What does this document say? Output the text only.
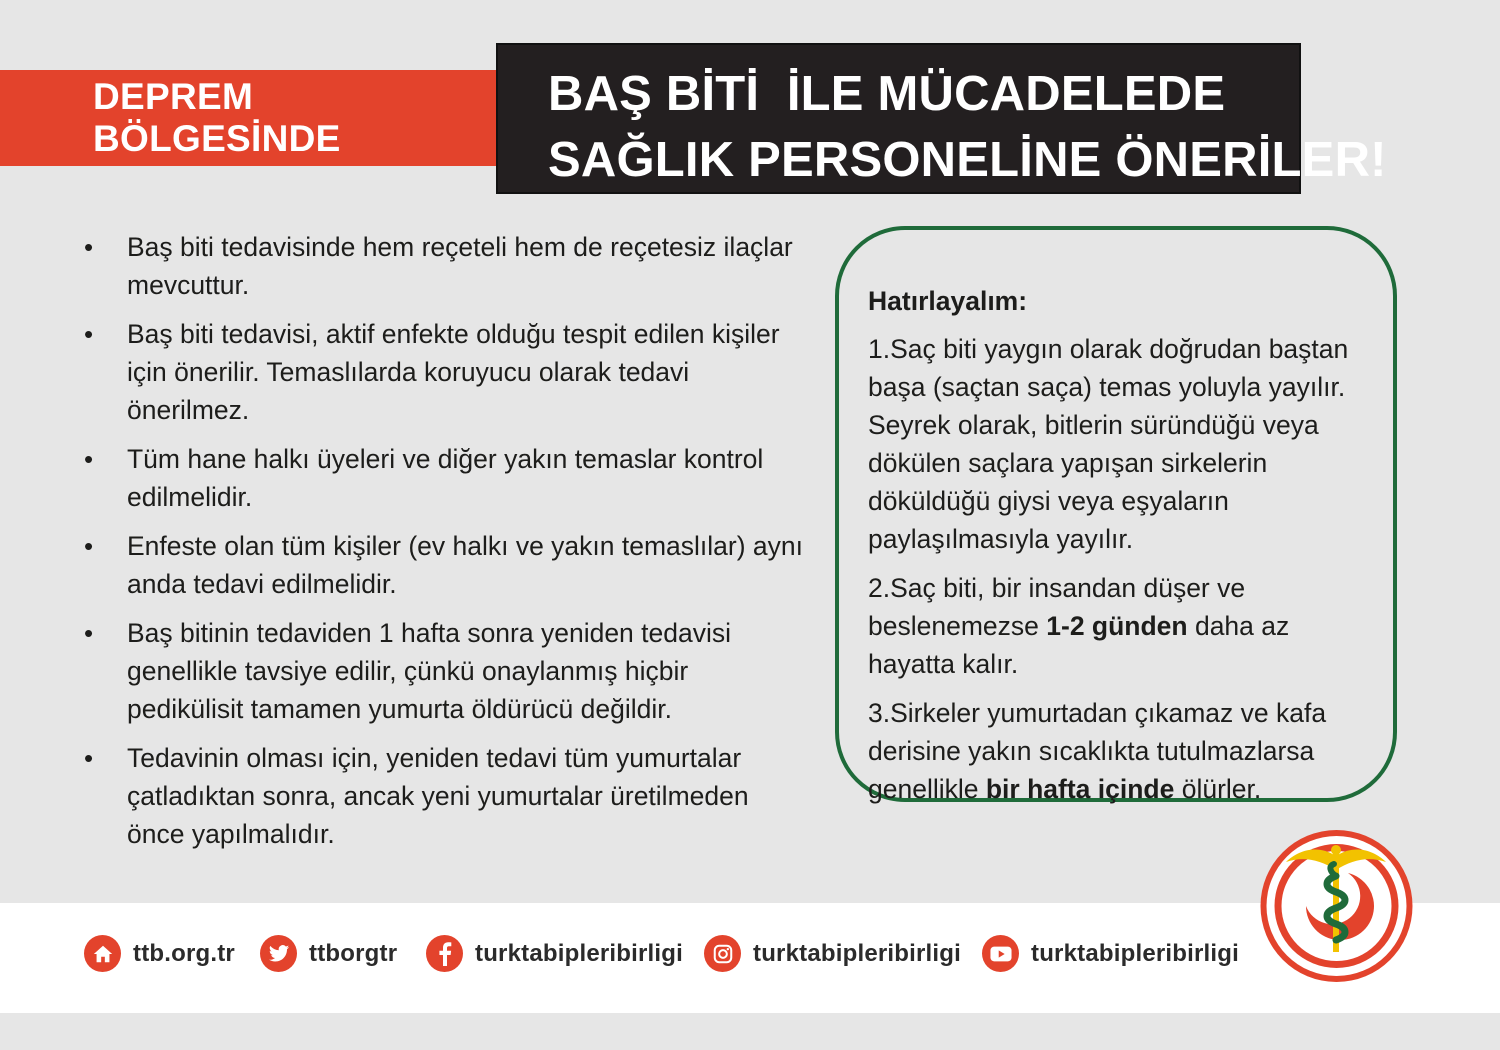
DEPREM BÖLGESİNDE
BAŞ BİTİ  İLE MÜCADELEDE
SAĞLIK PERSONELİNE ÖNERİLER!
• Baş biti tedavisinde hem reçeteli hem de reçetesiz ilaçlar mevcuttur.
• Baş biti tedavisi, aktif enfekte olduğu tespit edilen kişiler için önerilir. Temaslılarda koruyucu olarak tedavi önerilmez.
• Tüm hane halkı üyeleri ve diğer yakın temaslar kontrol edilmelidir.
• Enfeste olan tüm kişiler (ev halkı ve yakın temaslılar) aynı anda tedavi edilmelidir.
• Baş bitinin tedaviden 1 hafta sonra yeniden tedavisi genellikle tavsiye edilir, çünkü onaylanmış hiçbir pedikülisit tamamen yumurta öldürücü değildir.
• Tedavinin olması için, yeniden tedavi tüm yumurtalar çatladıktan sonra, ancak yeni yumurtalar üretilmeden önce yapılmalıdır.
Hatırlayalım:

1.Saç biti yaygın olarak doğrudan baştan başa (saçtan saça) temas yoluyla yayılır. Seyrek olarak, bitlerin süründüğü veya dökülen saçlara yapışan sirkelerin döküldüğü giysi veya eşyaların paylaşılmasıyla yayılır.

2.Saç biti, bir insandan düşer ve beslenemezse 1-2 günden daha az hayatta kalır.

3.Sirkeler yumurtadan çıkamaz ve kafa derisine yakın sıcaklıkta tutulmazlarsa genellikle bir hafta içinde ölürler.

ttb.org.tr	ttborgtr	turktabipleribirligi	turktabipleribirligi	turktabipleribirligi
